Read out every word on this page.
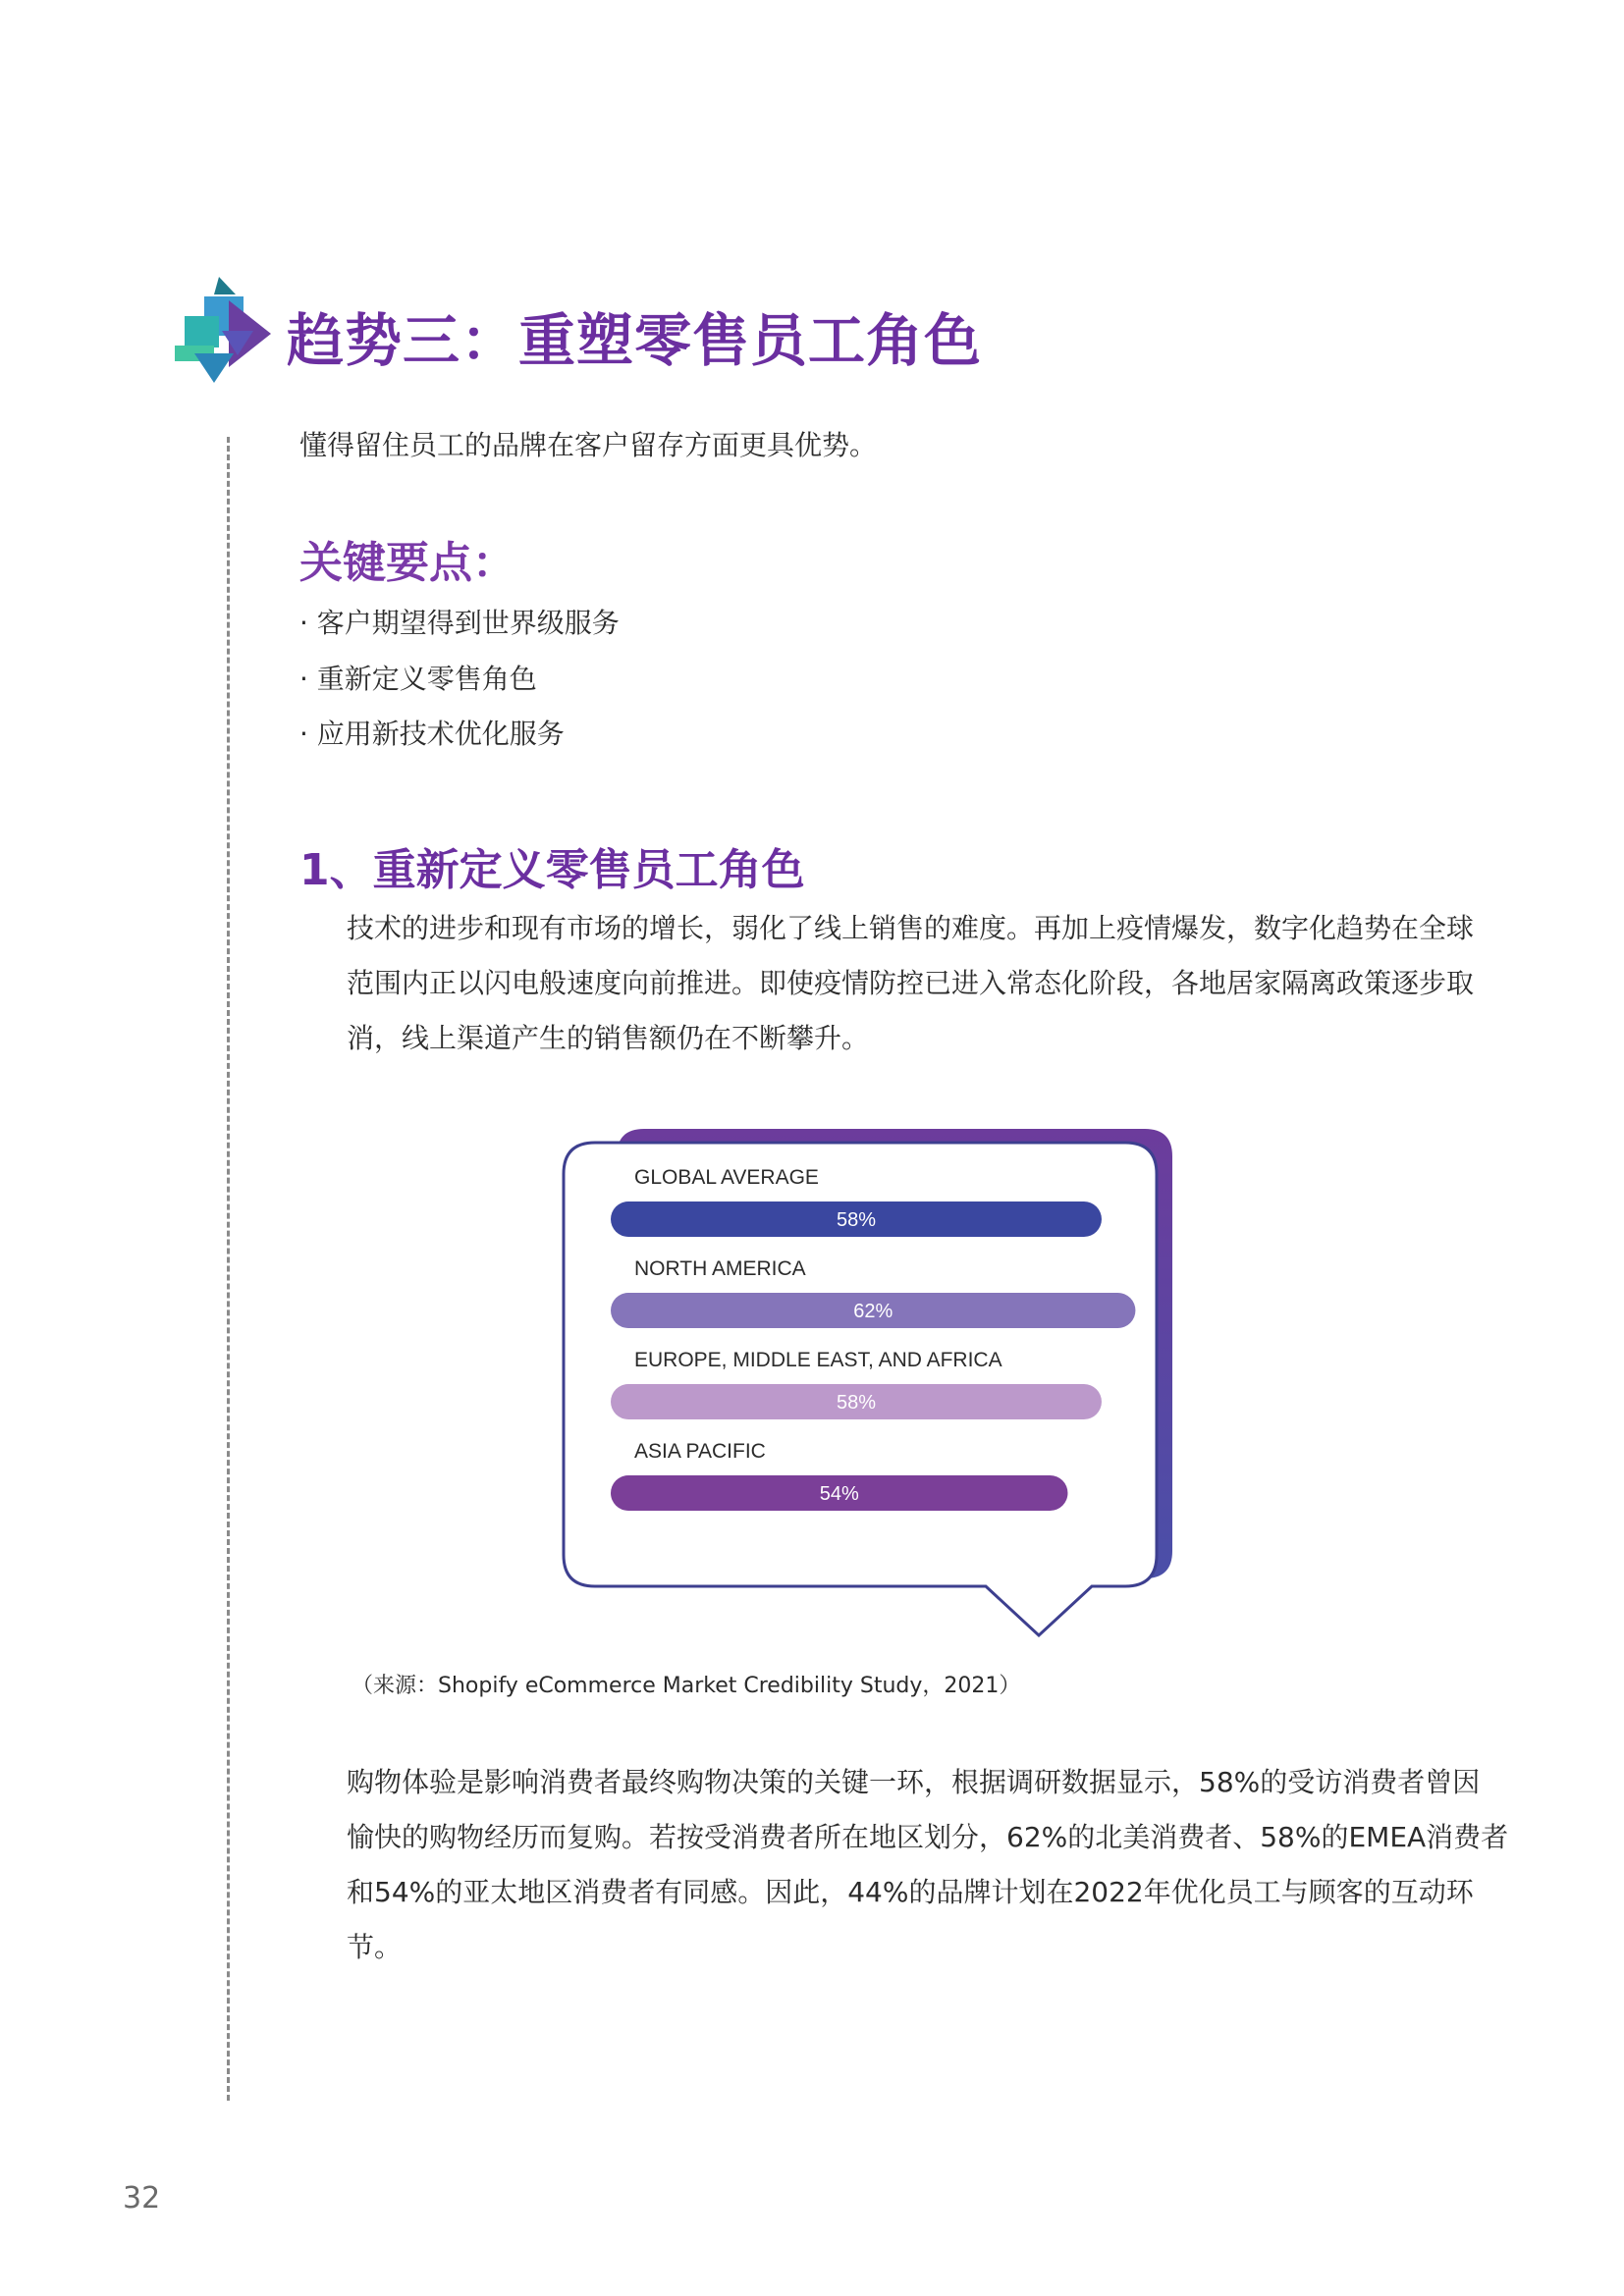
趋势三：重塑零售员工角色
懂得留住员工的品牌在客户留存方面更具优势。
关键要点：
· 客户期望得到世界级服务
· 重新定义零售角色
· 应用新技术优化服务
1、重新定义零售员工角色
技术的进步和现有市场的增长，弱化了线上销售的难度。再加上疫情爆发，数字化趋势在全球
范围内正以闪电般速度向前推进。即使疫情防控已进入常态化阶段，各地居家隔离政策逐步取
消，线上渠道产生的销售额仍在不断攀升。
GLOBAL AVERAGE
58%
NORTH AMERICA
62%
EUROPE, MIDDLE EAST, AND AFRICA
58%
ASIA PACIFIC
54%
（来源：Shopify eCommerce Market Credibility Study，2021）
购物体验是影响消费者最终购物决策的关键一环，根据调研数据显示，58%的受访消费者曾因
愉快的购物经历而复购。若按受消费者所在地区划分，62%的北美消费者、58%的EMEA消费者
和54%的亚太地区消费者有同感。因此，44%的品牌计划在2022年优化员工与顾客的互动环
节。
32
